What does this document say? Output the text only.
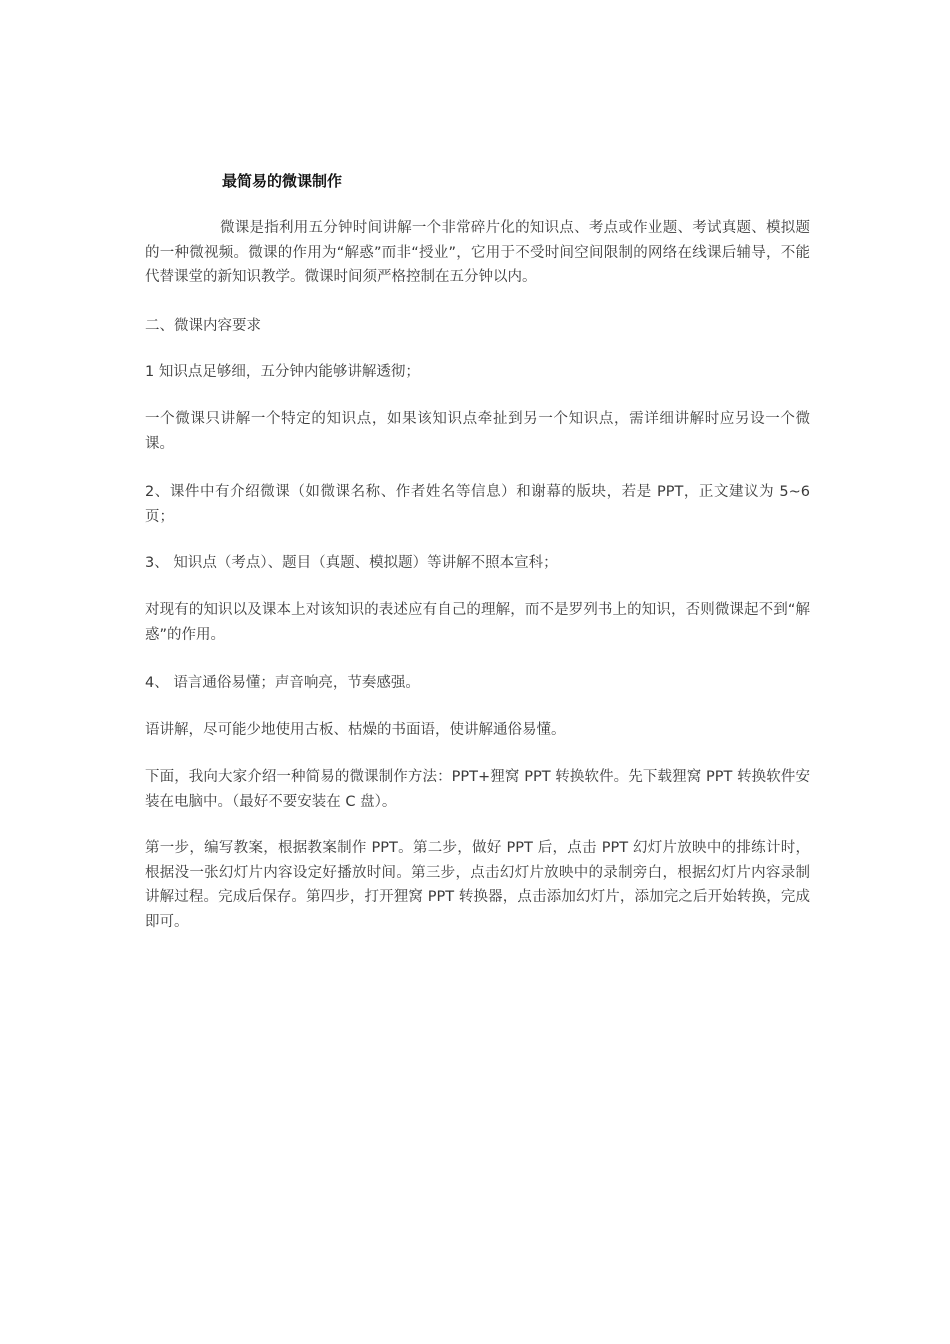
最简易的微课制作

微课是指利用五分钟时间讲解一个非常碎片化的知识点、考点或作业题、考试真题、模拟题的一种微视频。微课的作用为“解惑”而非“授业”，它用于不受时间空间限制的网络在线课后辅导，不能代替课堂的新知识教学。微课时间须严格控制在五分钟以内。

二、微课内容要求

1 知识点足够细，五分钟内能够讲解透彻；

一个微课只讲解一个特定的知识点，如果该知识点牵扯到另一个知识点，需详细讲解时应另设一个微课。

2、课件中有介绍微课（如微课名称、作者姓名等信息）和谢幕的版块，若是 PPT，正文建议为 5~6 页；

3、 知识点（考点）、题目（真题、模拟题）等讲解不照本宣科；

对现有的知识以及课本上对该知识的表述应有自己的理解，而不是罗列书上的知识，否则微课起不到“解惑”的作用。

4、 语言通俗易懂；声音响亮，节奏感强。

语讲解，尽可能少地使用古板、枯燥的书面语，使讲解通俗易懂。

下面，我向大家介绍一种简易的微课制作方法：PPT+狸窝 PPT 转换软件。先下载狸窝 PPT 转换软件安装在电脑中。（最好不要安装在 C 盘）。

第一步，编写教案，根据教案制作 PPT。第二步，做好 PPT 后，点击 PPT 幻灯片放映中的排练计时，根据没一张幻灯片内容设定好播放时间。第三步，点击幻灯片放映中的录制旁白，根据幻灯片内容录制讲解过程。完成后保存。第四步，打开狸窝 PPT 转换器，点击添加幻灯片，添加完之后开始转换，完成即可。
